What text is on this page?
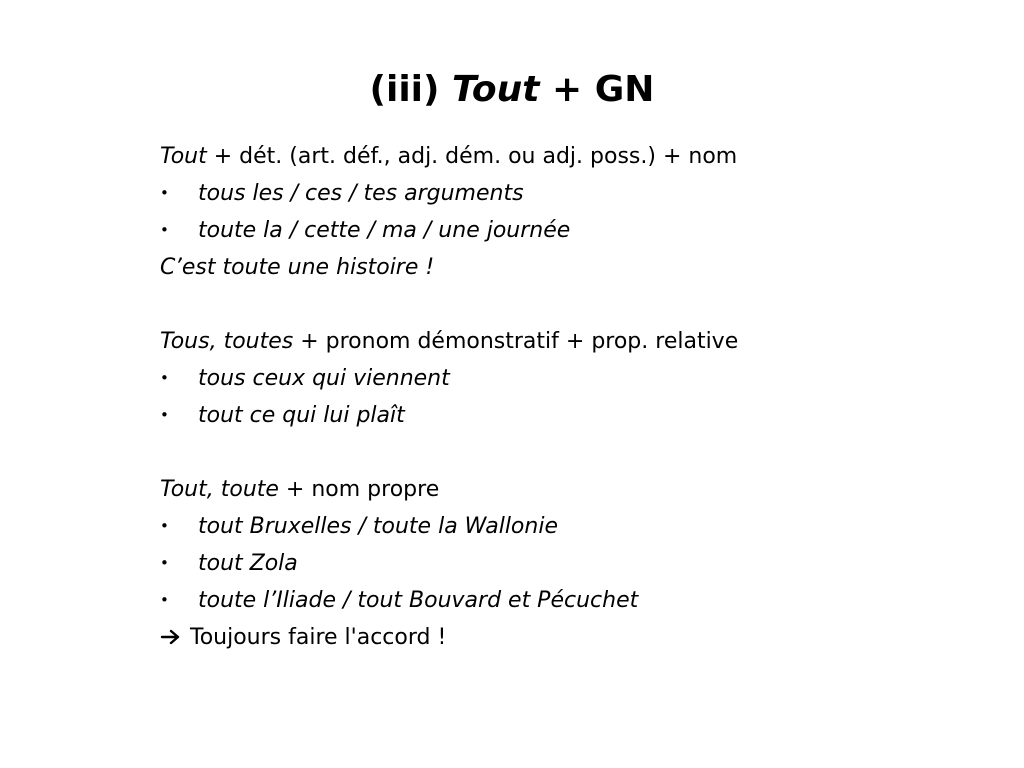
(iii) Tout + GN
Tout + dét. (art. déf., adj. dém. ou adj. poss.) + nom
• tous les / ces / tes arguments
• toute la / cette / ma / une journée
C’est toute une histoire !
Tous, toutes + pronom démonstratif + prop. relative
• tous ceux qui viennent
• tout ce qui lui plaît
Tout, toute + nom propre
• tout Bruxelles / toute la Wallonie
• tout Zola
• toute l’Iliade / tout Bouvard et Pécuchet
Toujours faire l'accord !
